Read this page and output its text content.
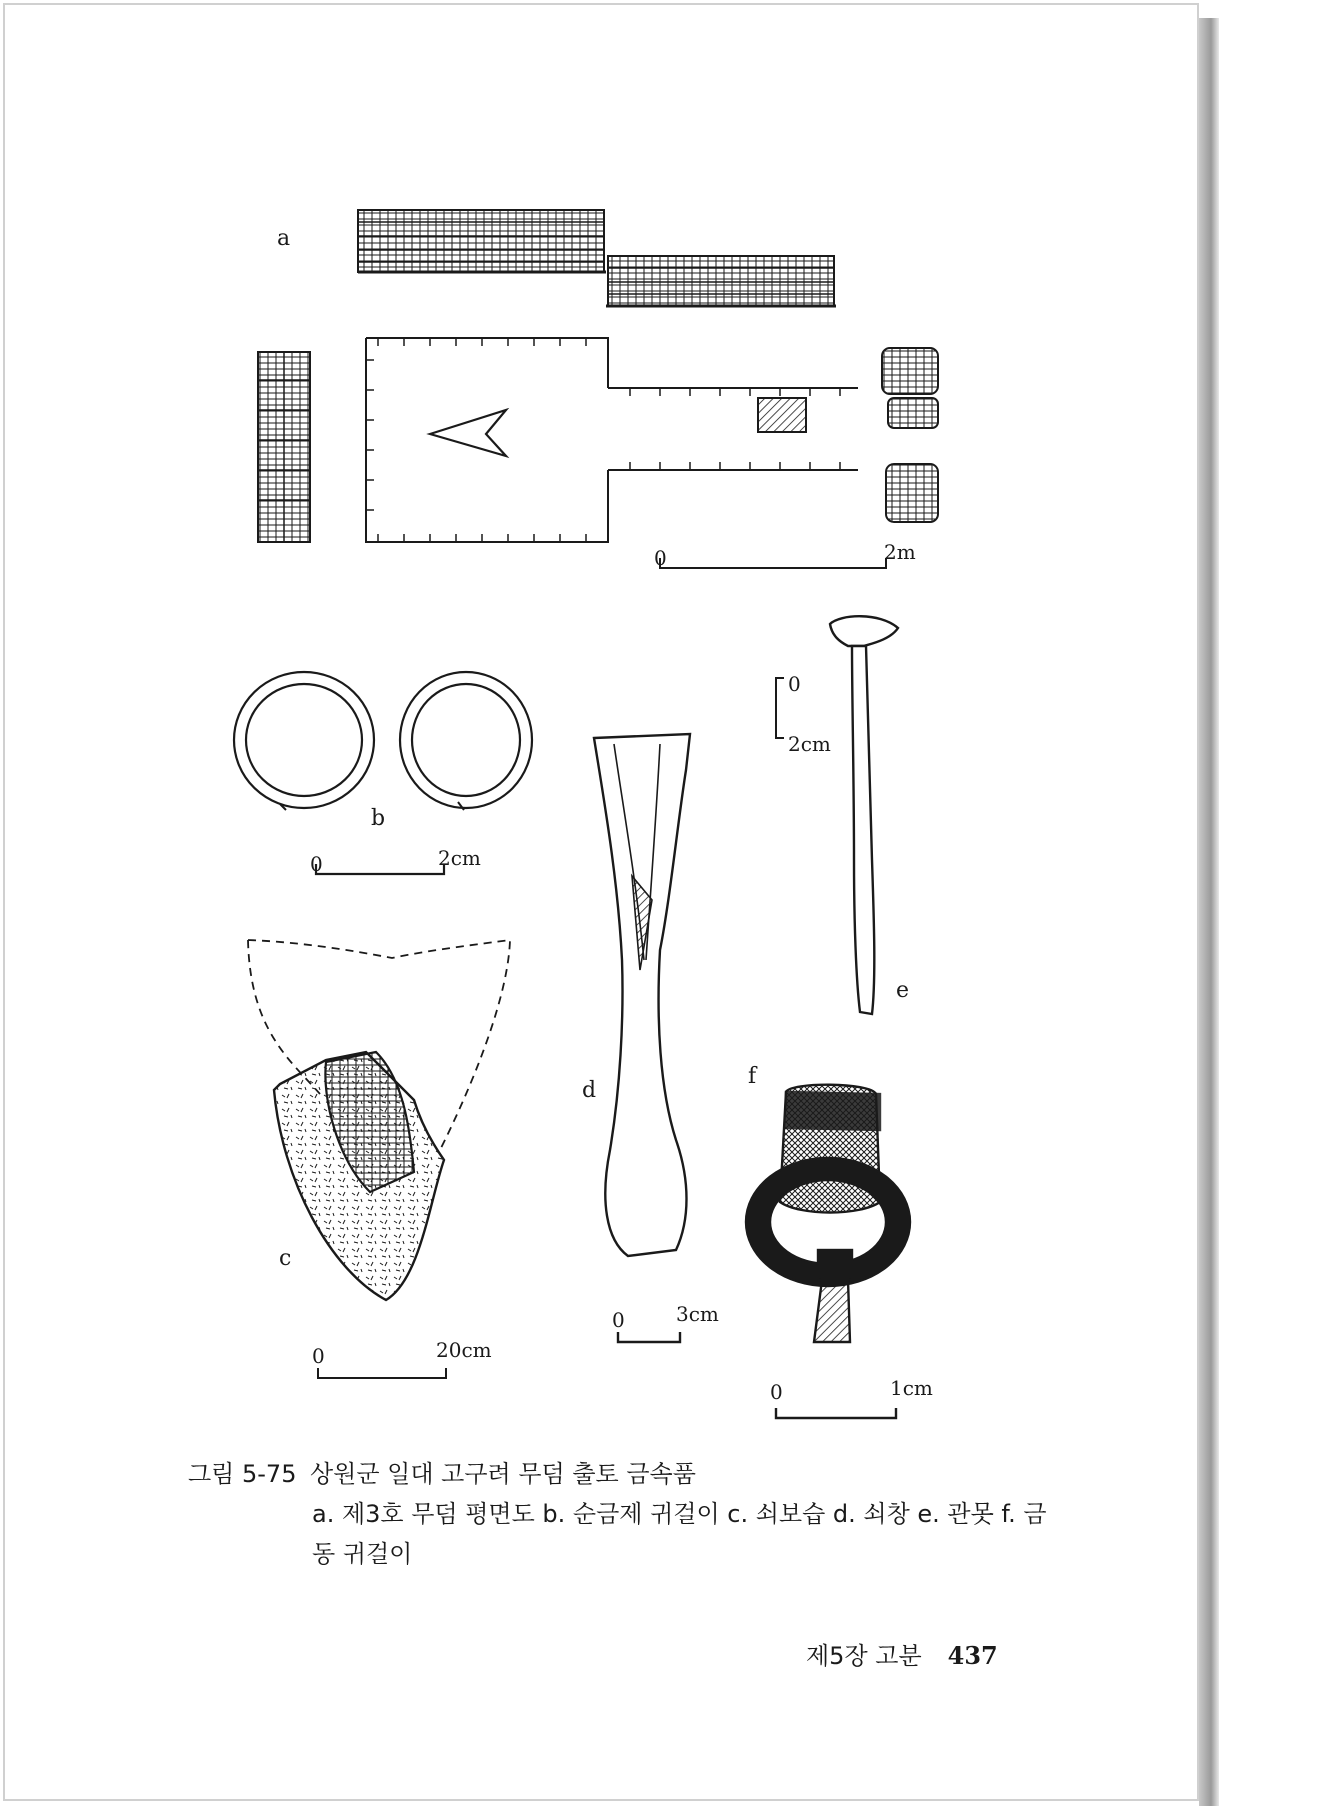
a
b
c
d
e
f
0	2m
0	2cm
0	20cm
0	3cm
0
2cm
0	1cm
그림 5-75 상원군 일대 고구려 무덤 출토 금속품
a. 제3호 무덤 평면도 b. 순금제 귀걸이 c. 쇠보습 d. 쇠창 e. 관못 f. 금동 귀걸이
제5장 고분 437
